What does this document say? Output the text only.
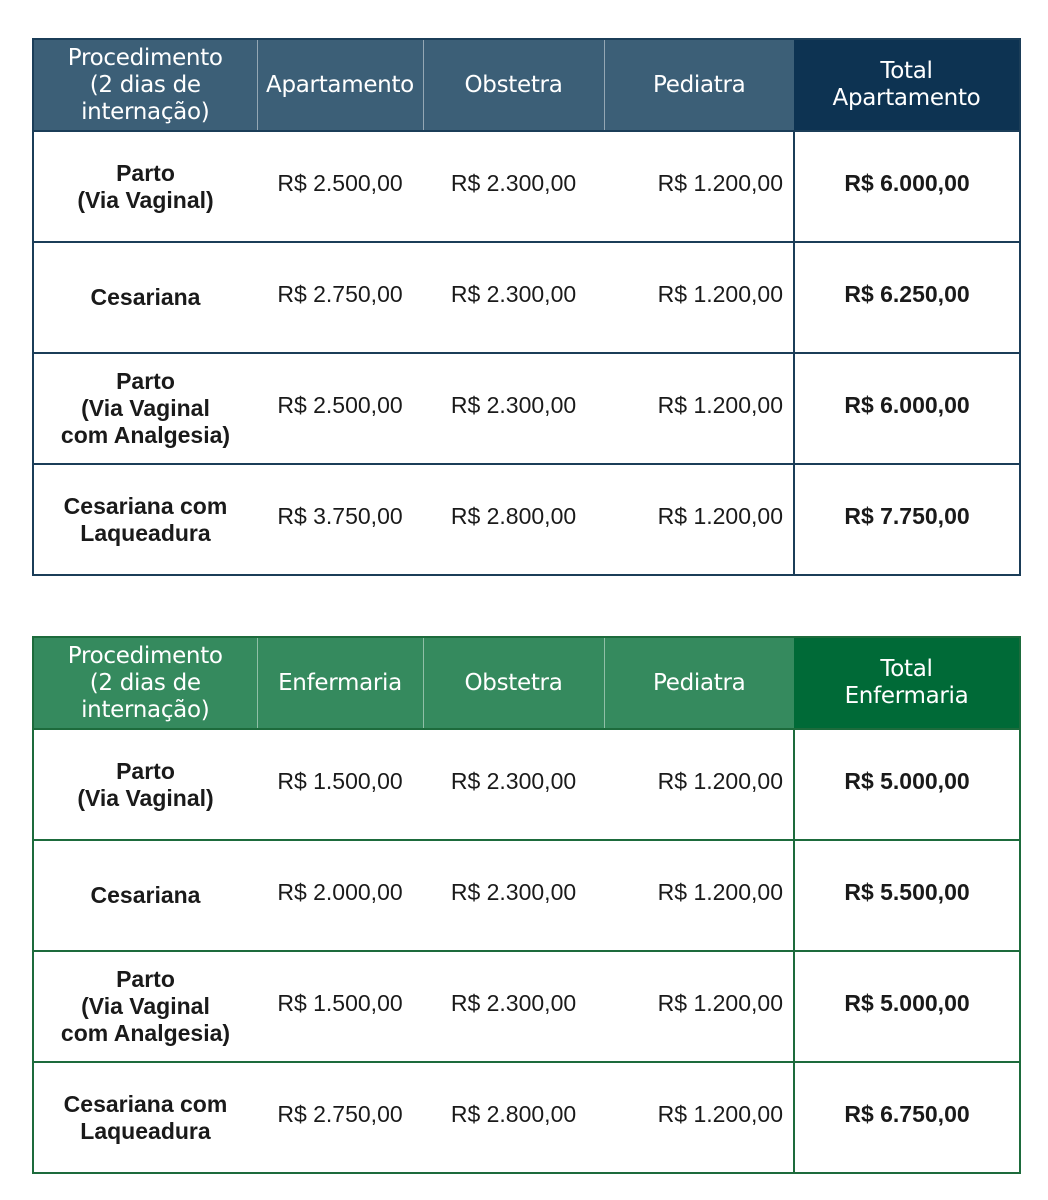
Procedimento
(2 dias de
internação)	Apartamento	Obstetra	Pediatra	Total
Apartamento
Parto
(Via Vaginal)	R$ 2.500,00	R$ 2.300,00	R$ 1.200,00	R$ 6.000,00
Cesariana	R$ 2.750,00	R$ 2.300,00	R$ 1.200,00	R$ 6.250,00
Parto
(Via Vaginal
com Analgesia)	R$ 2.500,00	R$ 2.300,00	R$ 1.200,00	R$ 6.000,00
Cesariana com
Laqueadura	R$ 3.750,00	R$ 2.800,00	R$ 1.200,00	R$ 7.750,00
Procedimento
(2 dias de
internação)	Enfermaria	Obstetra	Pediatra	Total
Enfermaria
Parto
(Via Vaginal)	R$ 1.500,00	R$ 2.300,00	R$ 1.200,00	R$ 5.000,00
Cesariana	R$ 2.000,00	R$ 2.300,00	R$ 1.200,00	R$ 5.500,00
Parto
(Via Vaginal
com Analgesia)	R$ 1.500,00	R$ 2.300,00	R$ 1.200,00	R$ 5.000,00
Cesariana com
Laqueadura	R$ 2.750,00	R$ 2.800,00	R$ 1.200,00	R$ 6.750,00
